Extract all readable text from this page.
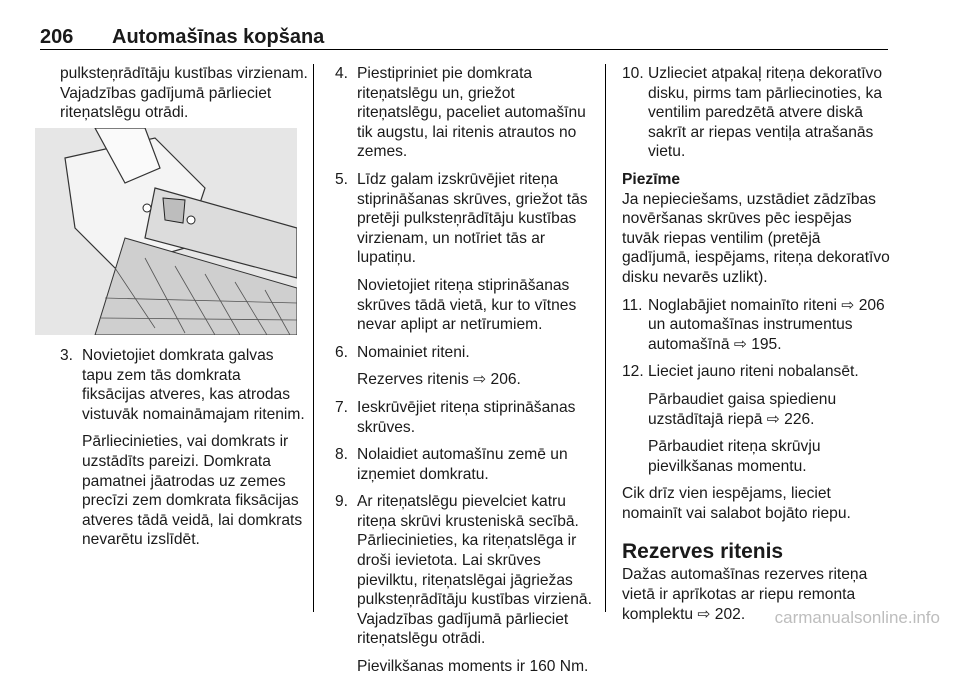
206 Automašīnas kopšana

pulksteņrādītāju kustības virzienam. Vajadzības gadījumā pārlieciet riteņatslēgu otrādi.

3. Novietojiet domkrata galvas tapu zem tās domkrata fiksācijas atveres, kas atrodas vistuvāk nomaināmajam ritenim.

Pārliecinieties, vai domkrats ir uzstādīts pareizi. Domkrata pamatnei jāatrodas uz zemes precīzi zem domkrata fiksācijas atveres tādā veidā, lai domkrats nevarētu izslīdēt.

4. Piestipriniet pie domkrata riteņatslēgu un, griežot riteņatslēgu, paceliet automašīnu tik augstu, lai ritenis atrautos no zemes.

5. Līdz galam izskrūvējiet riteņa stiprināšanas skrūves, griežot tās pretēji pulksteņrādītāju kustības virzienam, un notīriet tās ar lupatiņu.

Novietojiet riteņa stiprināšanas skrūves tādā vietā, kur to vītnes nevar aplipt ar netīrumiem.

6. Nomainiet riteni.

Rezerves ritenis ⇨ 206.

7. Ieskrūvējiet riteņa stiprināšanas skrūves.

8. Nolaidiet automašīnu zemē un izņemiet domkratu.

9. Ar riteņatslēgu pievelciet katru riteņa skrūvi krusteniskā secībā. Pārliecinieties, ka riteņatslēga ir droši ievietota. Lai skrūves pievilktu, riteņatslēgai jāgriežas pulksteņrādītāju kustības virzienā. Vajadzības gadījumā pārlieciet riteņatslēgu otrādi.

Pievilkšanas moments ir 160 Nm.

10. Uzlieciet atpakaļ riteņa dekoratīvo disku, pirms tam pārliecinoties, ka ventilim paredzētā atvere diskā sakrīt ar riepas ventiļa atrašanās vietu.

Piezīme

Ja nepieciešams, uzstādiet zādzības novēršanas skrūves pēc iespējas tuvāk riepas ventilim (pretējā gadījumā, iespējams, riteņa dekoratīvo disku nevarēs uzlikt).

11. Noglabājiet nomainīto riteni ⇨ 206 un automašīnas instrumentus automašīnā ⇨ 195.

12. Lieciet jauno riteni nobalansēt.

Pārbaudiet gaisa spiedienu uzstādītajā riepā ⇨ 226.

Pārbaudiet riteņa skrūvju pievilkšanas momentu.

Cik drīz vien iespējams, lieciet nomainīt vai salabot bojāto riepu.

Rezerves ritenis

Dažas automašīnas rezerves riteņa vietā ir aprīkotas ar riepu remonta komplektu ⇨ 202.	carmanualsonline.info
